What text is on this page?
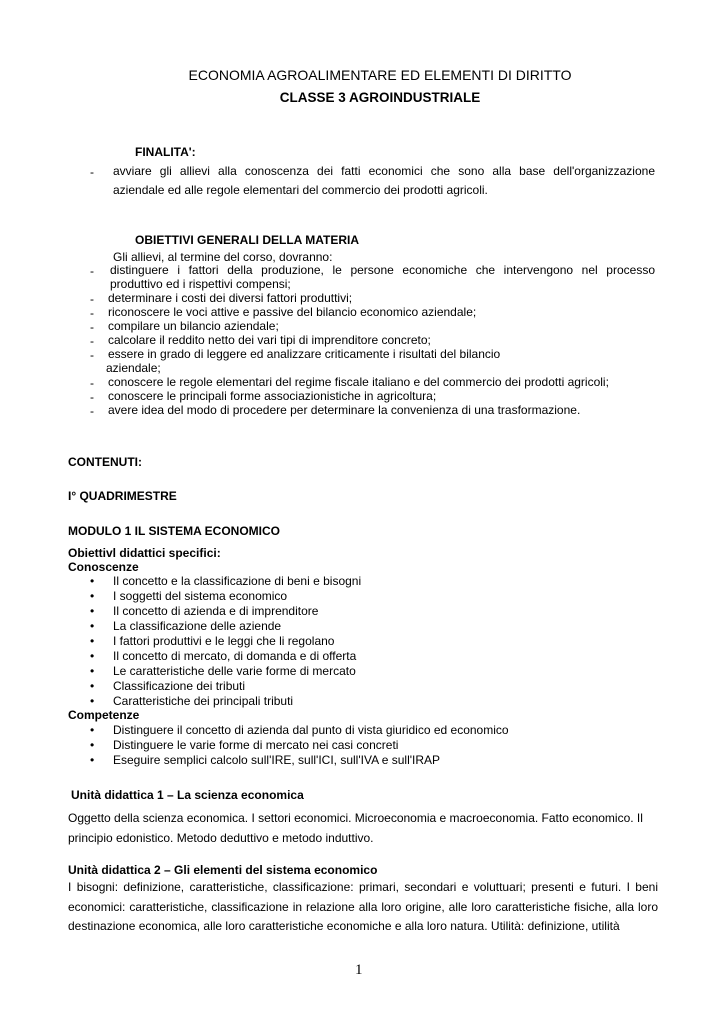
ECONOMIA AGROALIMENTARE ED ELEMENTI DI DIRITTO
CLASSE 3 AGROINDUSTRIALE
FINALITA':
- avviare gli allievi alla conoscenza dei fatti economici che sono alla base dell'organizzazione
aziendale ed alle regole elementari del commercio dei prodotti agricoli.
OBIETTIVI GENERALI DELLA MATERIA
Gli allievi, al termine del corso, dovranno:
- distinguere i fattori della produzione, le persone economiche che intervengono nel processo
produttivo ed i rispettivi compensi;
- determinare i costi dei diversi fattori produttivi;
- riconoscere le voci attive e passive del bilancio economico aziendale;
- compilare un bilancio aziendale;
- calcolare il reddito netto dei vari tipi di imprenditore concreto;
- essere in grado di leggere ed analizzare criticamente i risultati del bilancio
aziendale;
- conoscere le regole elementari del regime fiscale italiano e del commercio dei prodotti agricoli;
- conoscere le principali forme associazionistiche in agricoltura;
- avere idea del modo di procedere per determinare la convenienza di una trasformazione.
CONTENUTI:
I° QUADRIMESTRE
MODULO 1 IL SISTEMA ECONOMICO
Obiettivl didattici specifici:
Conoscenze
•
Il concetto e la classificazione di beni e bisogni
•
I soggetti del sistema economico
•
Il concetto di azienda e di imprenditore
•
La classificazione delle aziende
•
I fattori produttivi e le leggi che li regolano
•
Il concetto di mercato, di domanda e di offerta
•
Le caratteristiche delle varie forme di mercato
•
Classificazione dei tributi
•
Caratteristiche dei principali tributi
Competenze
•
Distinguere il concetto di azienda dal punto di vista giuridico ed economico
•
Distinguere le varie forme di mercato nei casi concreti
•
Eseguire semplici calcolo sull'IRE, sull'ICI, sull'IVA e sull'IRAP
Unità didattica 1 – La scienza economica
Oggetto della scienza economica. I settori economici. Microeconomia e macroeconomia. Fatto economico. Il principio edonistico. Metodo deduttivo e metodo induttivo.
Unità didattica 2 – Gli elementi del sistema economico
I bisogni: definizione, caratteristiche, classificazione: primari, secondari e voluttuari; presenti e futuri. I beni economici: caratteristiche, classificazione in relazione alla loro origine, alle loro caratteristiche fisiche, alla loro destinazione economica, alle loro caratteristiche economiche e alla loro natura. Utilità: definizione, utilità
1
